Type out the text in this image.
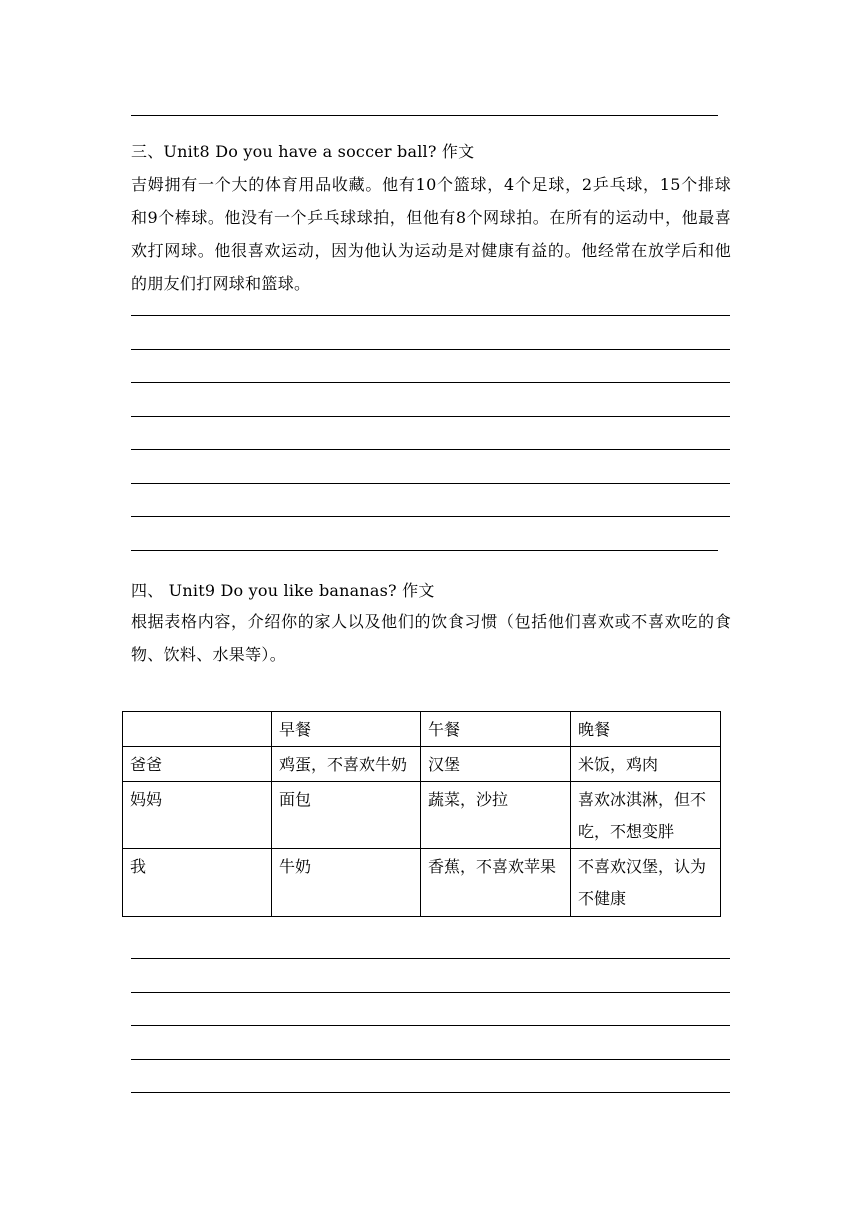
三、Unit8 Do you have a soccer ball? 作文
吉姆拥有一个大的体育用品收藏。他有10个篮球，4个足球，2乒乓球，15个排球和9个棒球。他没有一个乒乓球球拍，但他有8个网球拍。在所有的运动中，他最喜欢打网球。他很喜欢运动，因为他认为运动是对健康有益的。他经常在放学后和他的朋友们打网球和篮球。
四、 Unit9 Do you like bananas? 作文
根据表格内容，介绍你的家人以及他们的饮食习惯（包括他们喜欢或不喜欢吃的食物、饮料、水果等）。
	早餐	午餐	晚餐
爸爸	鸡蛋，不喜欢牛奶	汉堡	米饭，鸡肉
妈妈	面包	蔬菜，沙拉	喜欢冰淇淋，但不吃，不想变胖
我	牛奶	香蕉，不喜欢苹果	不喜欢汉堡，认为不健康
